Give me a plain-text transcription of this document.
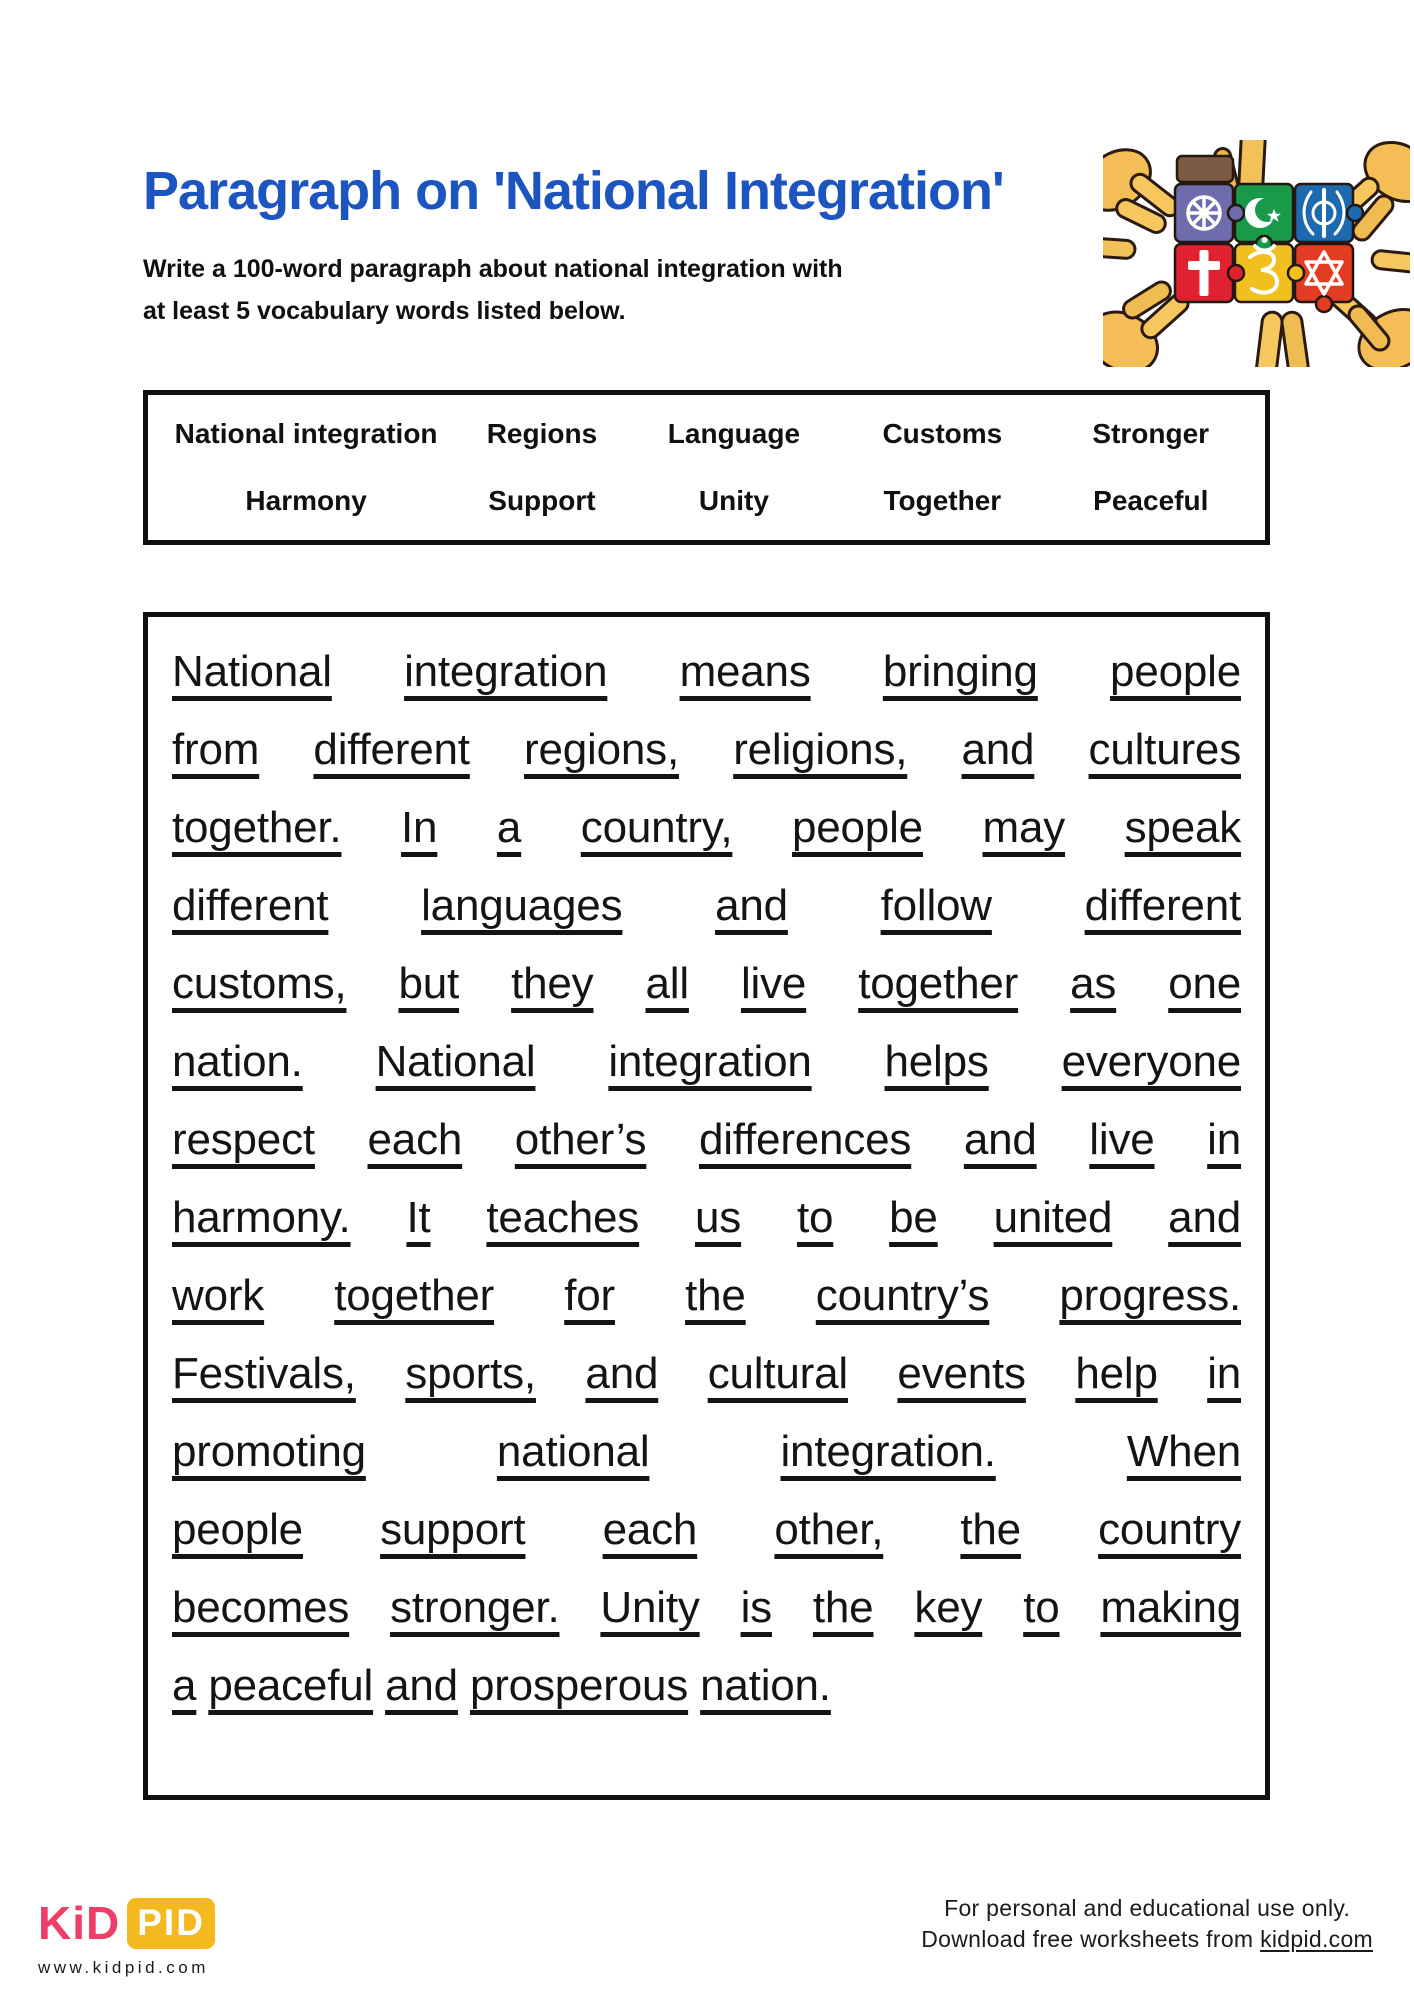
Paragraph on 'National Integration'
Write a 100-word paragraph about national integration with
at least 5 vocabulary words listed below.
National integration	Regions	Language	Customs	Stronger
Harmony	Support	Unity	Together	Peaceful
National integration means bringing people
from different regions, religions, and cultures
together. In a country, people may speak
different languages and follow different
customs, but they all live together as one
nation. National integration helps everyone
respect each other’s differences and live in
harmony. It teaches us to be united and
work together for the country’s progress.
Festivals, sports, and cultural events help in
promoting	national	integration.	When
people support each other, the country
becomes stronger. Unity is the key to making
a peaceful and prosperous nation.
KiD PID
www.kidpid.com
For personal and educational use only.
Download free worksheets from kidpid.com
